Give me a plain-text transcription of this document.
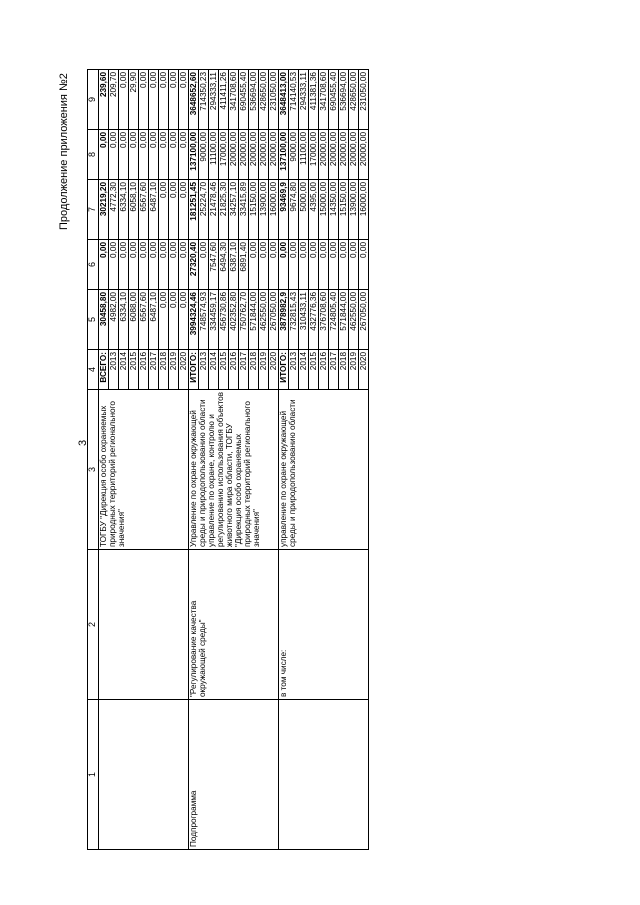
Продолжение приложения №2
3
1	2	3	4	5	6	7	8	9
		ТОГБУ "Дирекция особо охраняемых природных территорий регионального значения"	ВСЕГО:	30458,80	0,00	30219,20	0,00	239,60
			2013	4982,00	0,00	4772,30	0,00	209,70
			2014	6334,10	0,00	6334,10	0,00	0,00
			2015	6088,00	0,00	6058,10	0,00	29,90
			2016	6567,60	0,00	6567,60	0,00	0,00
			2017	6487,10	0,00	6487,10	0,00	0,00
			2018	0,00	0,00	0,00	0,00	0,00
			2019	0,00	0,00	0,00	0,00	0,00
			2020	0,00	0,00	0,00	0,00	0,00
Подпрограмма	"Регулирование качества окружающей среды"	Управление по охране окружающей среды и природопользованию области управление по охране, контролю и регулированию использования объектов животного мира области, ТОГБУ "Дирекция особо охраняемых природных территорий регионального значения"	ИТОГО:	3994324,46	27320,40	181251,45	137100,00	3648652,60
			2013	748574,93	0,00	25224,70	9000,00	714350,23
			2014	334459,17	7547,60	21478,46	11100,00	294333,11
			2015	456730,86	6494,30	21825,30	17000,00	411411,26
			2016	402352,80	6387,10	34257,10	20000,00	341708,60
			2017	750762,70	6891,40	33415,89	20000,00	690455,40
			2018	571844,00	0,00	15150,00	20000,00	536694,00
			2019	462550,00	0,00	13900,00	20000,00	428650,00
			2020	267050,00	0,00	16000,00	20000,00	231050,00
	в том числе:	управление по охране окружающей среды и природопользованию области	ИТОГО:	3878982,9	0,00	93469,9	137100,00	3648413,00
			2013	732815,43	0,00	9674,80	9000,00	714140,53
			2014	310433,11	0,00	5000,00	11100,00	294333,11
			2015	432776,36	0,00	4395,00	17000,00	411381,36
			2016	376708,60	0,00	15000,00	20000,00	341708,60
			2017	724805,40	0,00	14350,00	20000,00	690455,40
			2018	571844,00	0,00	15150,00	20000,00	536694,00
			2019	462550,00	0,00	13900,00	20000,00	428650,00
			2020	267050,00	0,00	16000,00	20000,00	231050,00
